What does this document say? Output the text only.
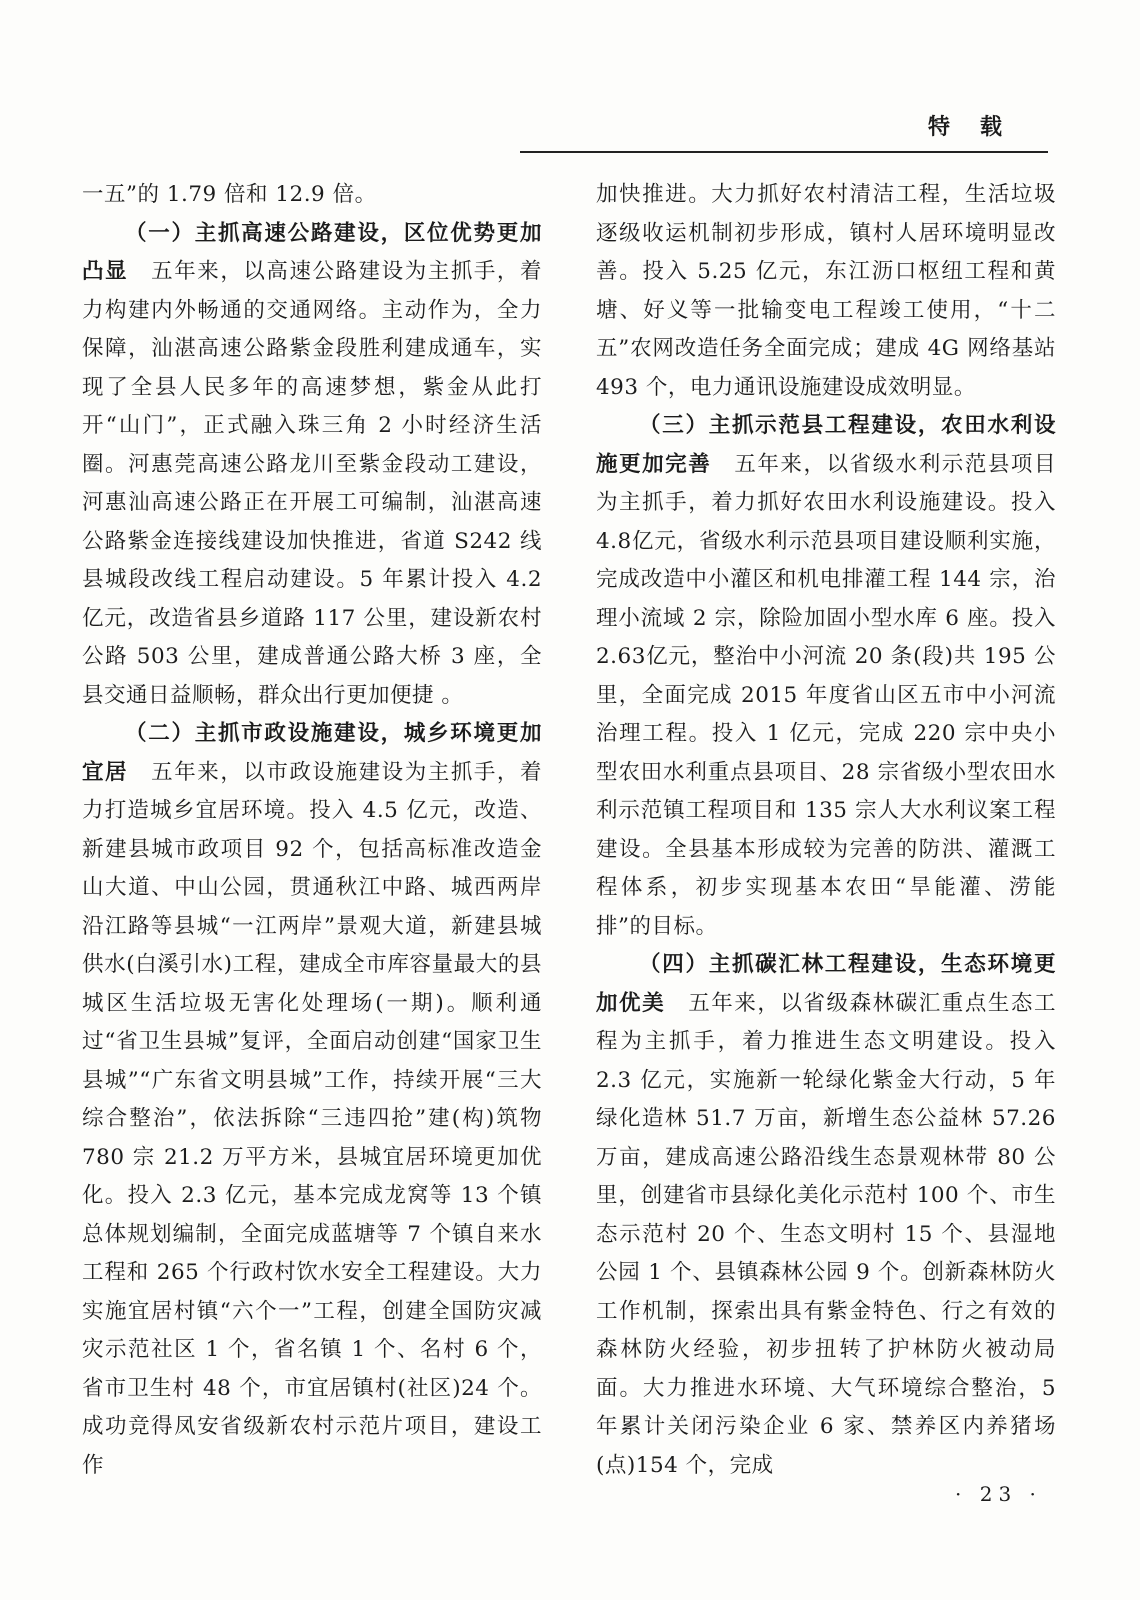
特载

一五”的 1.79 倍和 12.9 倍。

（一）主抓高速公路建设，区位优势更加凸显　 五年来，以高速公路建设为主抓手，着力构建内外畅通的交通网络。主动作为，全力保障，汕湛高速公路紫金段胜利建成通车，实现了全县人民多年的高速梦想，紫金从此打开“山门”，正式融入珠三角 2 小时经济生活圈。河惠莞高速公路龙川至紫金段动工建设，河惠汕高速公路正在开展工可编制，汕湛高速公路紫金连接线建设加快推进，省道 S242 线县城段改线工程启动建设。5 年累计投入 4.2 亿元，改造省县乡道路 117 公里，建设新农村公路 503 公里，建成普通公路大桥 3 座，全县交通日益顺畅，群众出行更加便捷 。

（二）主抓市政设施建设，城乡环境更加宜居　 五年来，以市政设施建设为主抓手，着力打造城乡宜居环境。投入 4.5 亿元，改造、新建县城市政项目 92 个，包括高标准改造金山大道、中山公园，贯通秋江中路、城西两岸沿江路等县城“一江两岸”景观大道，新建县城供水(白溪引水)工程，建成全市库容量最大的县城区生活垃圾无害化处理场(一期)。顺利通过“省卫生县城”复评，全面启动创建“国家卫生县城”“广东省文明县城”工作，持续开展“三大综合整治”，依法拆除“三违四抢”建(构)筑物 780 宗 21.2 万平方米，县城宜居环境更加优化。投入 2.3 亿元，基本完成龙窝等 13 个镇总体规划编制，全面完成蓝塘等 7 个镇自来水工程和 265 个行政村饮水安全工程建设。大力实施宜居村镇“六个一”工程，创建全国防灾减灾示范社区 1 个，省名镇 1 个、名村 6 个，省市卫生村 48 个，市宜居镇村(社区)24 个。成功竞得凤安省级新农村示范片项目，建设工作

加快推进。大力抓好农村清洁工程，生活垃圾逐级收运机制初步形成，镇村人居环境明显改善。投入 5.25 亿元，东江沥口枢纽工程和黄塘、好义等一批输变电工程竣工使用，“十二五”农网改造任务全面完成；建成 4G 网络基站 493 个，电力通讯设施建设成效明显。

（三）主抓示范县工程建设，农田水利设施更加完善　 五年来，以省级水利示范县项目为主抓手，着力抓好农田水利设施建设。投入 4.8亿元，省级水利示范县项目建设顺利实施，完成改造中小灌区和机电排灌工程 144 宗，治理小流域 2 宗，除险加固小型水库 6 座。投入 2.63亿元，整治中小河流 20 条(段)共 195 公里，全面完成 2015 年度省山区五市中小河流治理工程。投入 1 亿元，完成 220 宗中央小型农田水利重点县项目、28 宗省级小型农田水利示范镇工程项目和 135 宗人大水利议案工程建设。全县基本形成较为完善的防洪、灌溉工程体系，初步实现基本农田“旱能灌、涝能排”的目标。

（四）主抓碳汇林工程建设，生态环境更加优美　 五年来，以省级森林碳汇重点生态工程为主抓手，着力推进生态文明建设。投入 2.3 亿元，实施新一轮绿化紫金大行动，5 年绿化造林 51.7 万亩，新增生态公益林 57.26 万亩，建成高速公路沿线生态景观林带 80 公里，创建省市县绿化美化示范村 100 个、市生态示范村 20 个、生态文明村 15 个、县湿地公园 1 个、县镇森林公园 9 个。创新森林防火工作机制，探索出具有紫金特色、行之有效的森林防火经验，初步扭转了护林防火被动局面。大力推进水环境、大气环境综合整治，5 年累计关闭污染企业 6 家、禁养区内养猪场(点)154 个，完成

· 23 ·
